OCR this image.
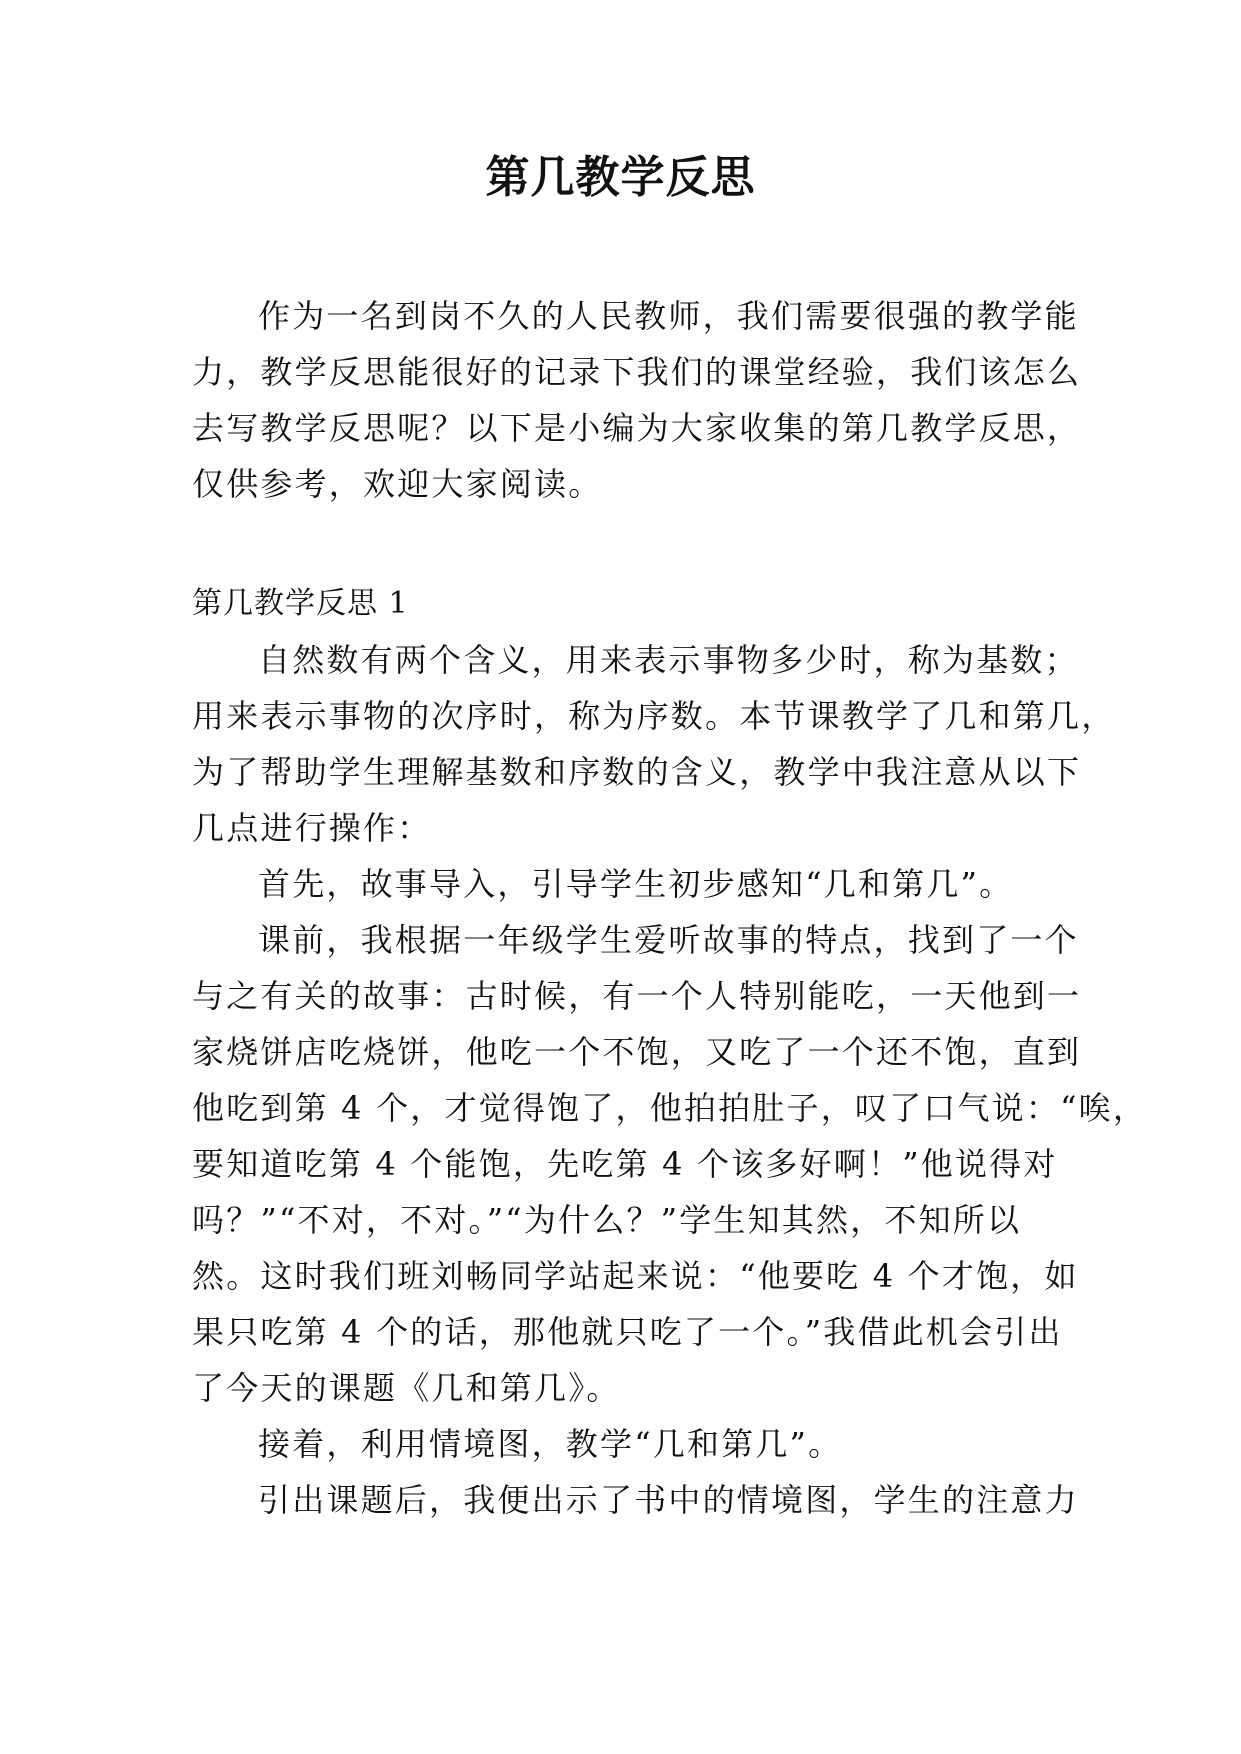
第几教学反思
作为一名到岗不久的人民教师，我们需要很强的教学能
力，教学反思能很好的记录下我们的课堂经验，我们该怎么
去写教学反思呢？以下是小编为大家收集的第几教学反思，
仅供参考，欢迎大家阅读。
第几教学反思 1
自然数有两个含义，用来表示事物多少时，称为基数；
用来表示事物的次序时，称为序数。本节课教学了几和第几，
为了帮助学生理解基数和序数的含义，教学中我注意从以下
几点进行操作：
首先，故事导入，引导学生初步感知“几和第几”。
课前，我根据一年级学生爱听故事的特点，找到了一个
与之有关的故事：古时候，有一个人特别能吃，一天他到一
家烧饼店吃烧饼，他吃一个不饱，又吃了一个还不饱，直到
他吃到第 4 个，才觉得饱了，他拍拍肚子，叹了口气说：“唉，
要知道吃第 4 个能饱，先吃第 4 个该多好啊！”他说得对
吗？”“不对，不对。”“为什么？”学生知其然，不知所以
然。这时我们班刘畅同学站起来说：“他要吃 4 个才饱，如
果只吃第 4 个的话，那他就只吃了一个。”我借此机会引出
了今天的课题《几和第几》。
接着，利用情境图，教学“几和第几”。
引出课题后，我便出示了书中的情境图，学生的注意力
